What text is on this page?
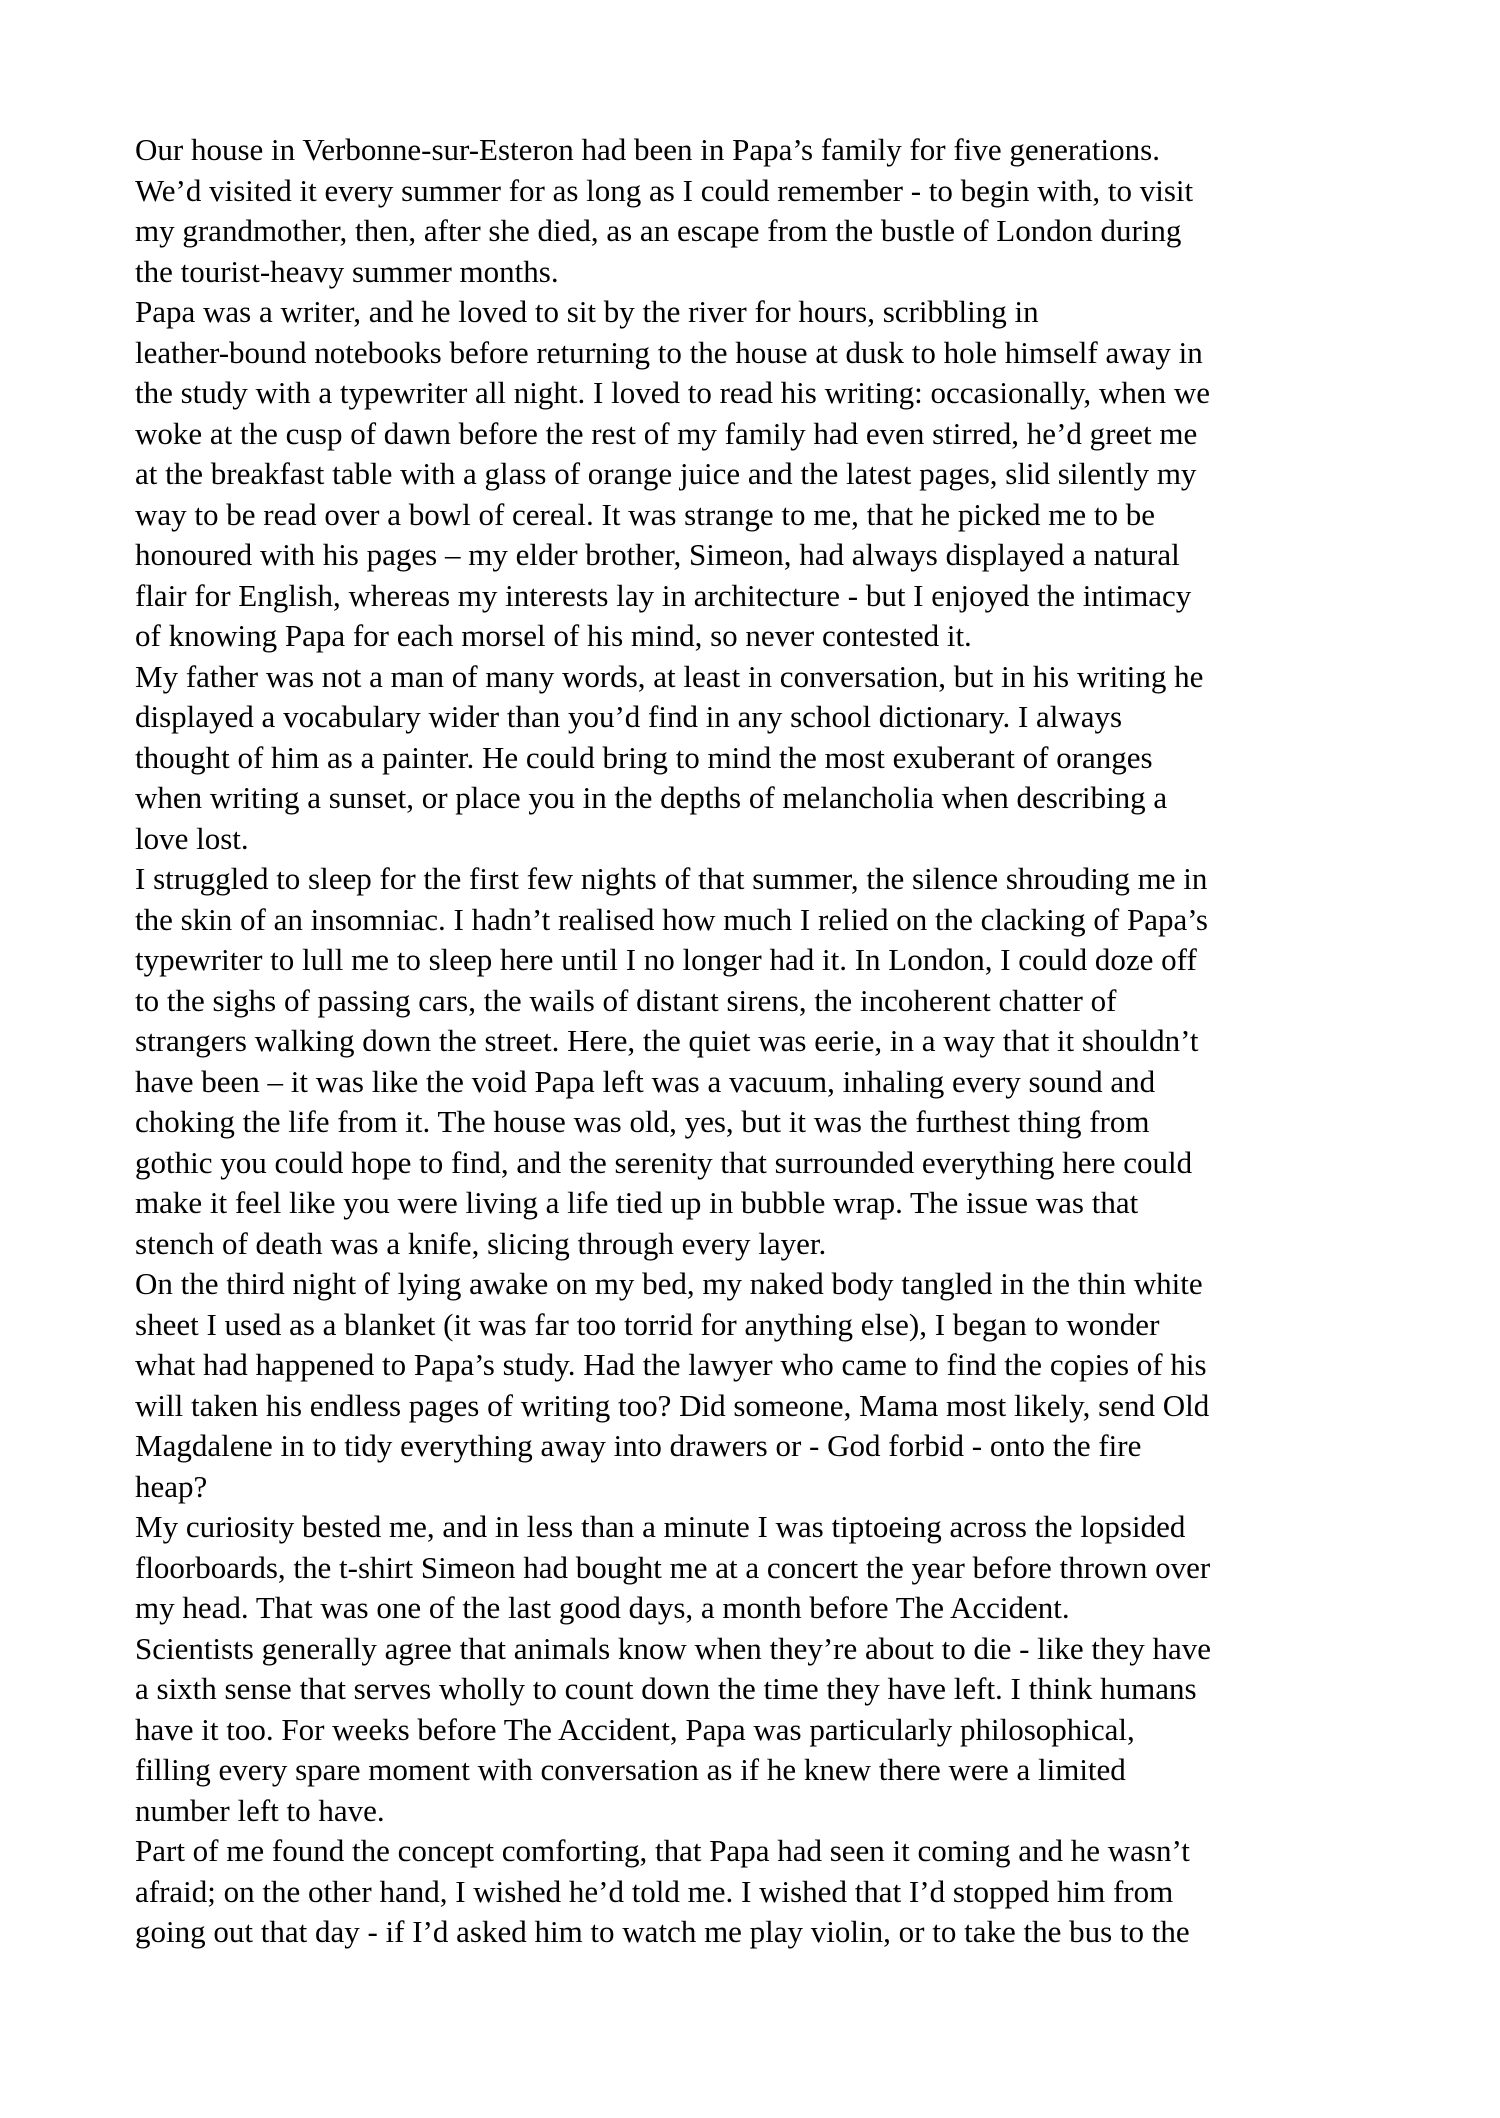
Our house in Verbonne-sur-Esteron had been in Papa’s family for five generations.
We’d visited it every summer for as long as I could remember - to begin with, to visit
my grandmother, then, after she died, as an escape from the bustle of London during
the tourist-heavy summer months.

Papa was a writer, and he loved to sit by the river for hours, scribbling in
leather-bound notebooks before returning to the house at dusk to hole himself away in
the study with a typewriter all night. I loved to read his writing: occasionally, when we
woke at the cusp of dawn before the rest of my family had even stirred, he’d greet me
at the breakfast table with a glass of orange juice and the latest pages, slid silently my
way to be read over a bowl of cereal. It was strange to me, that he picked me to be
honoured with his pages – my elder brother, Simeon, had always displayed a natural
flair for English, whereas my interests lay in architecture - but I enjoyed the intimacy
of knowing Papa for each morsel of his mind, so never contested it.

My father was not a man of many words, at least in conversation, but in his writing he
displayed a vocabulary wider than you’d find in any school dictionary. I always
thought of him as a painter. He could bring to mind the most exuberant of oranges
when writing a sunset, or place you in the depths of melancholia when describing a
love lost.

I struggled to sleep for the first few nights of that summer, the silence shrouding me in
the skin of an insomniac. I hadn’t realised how much I relied on the clacking of Papa’s
typewriter to lull me to sleep here until I no longer had it. In London, I could doze off
to the sighs of passing cars, the wails of distant sirens, the incoherent chatter of
strangers walking down the street. Here, the quiet was eerie, in a way that it shouldn’t
have been – it was like the void Papa left was a vacuum, inhaling every sound and
choking the life from it. The house was old, yes, but it was the furthest thing from
gothic you could hope to find, and the serenity that surrounded everything here could
make it feel like you were living a life tied up in bubble wrap. The issue was that
stench of death was a knife, slicing through every layer.

On the third night of lying awake on my bed, my naked body tangled in the thin white
sheet I used as a blanket (it was far too torrid for anything else), I began to wonder
what had happened to Papa’s study. Had the lawyer who came to find the copies of his
will taken his endless pages of writing too? Did someone, Mama most likely, send Old
Magdalene in to tidy everything away into drawers or - God forbid - onto the fire
heap?

My curiosity bested me, and in less than a minute I was tiptoeing across the lopsided
floorboards, the t-shirt Simeon had bought me at a concert the year before thrown over
my head. That was one of the last good days, a month before The Accident.

Scientists generally agree that animals know when they’re about to die - like they have
a sixth sense that serves wholly to count down the time they have left. I think humans
have it too. For weeks before The Accident, Papa was particularly philosophical,
filling every spare moment with conversation as if he knew there were a limited
number left to have.

Part of me found the concept comforting, that Papa had seen it coming and he wasn’t
afraid; on the other hand, I wished he’d told me. I wished that I’d stopped him from
going out that day - if I’d asked him to watch me play violin, or to take the bus to the
